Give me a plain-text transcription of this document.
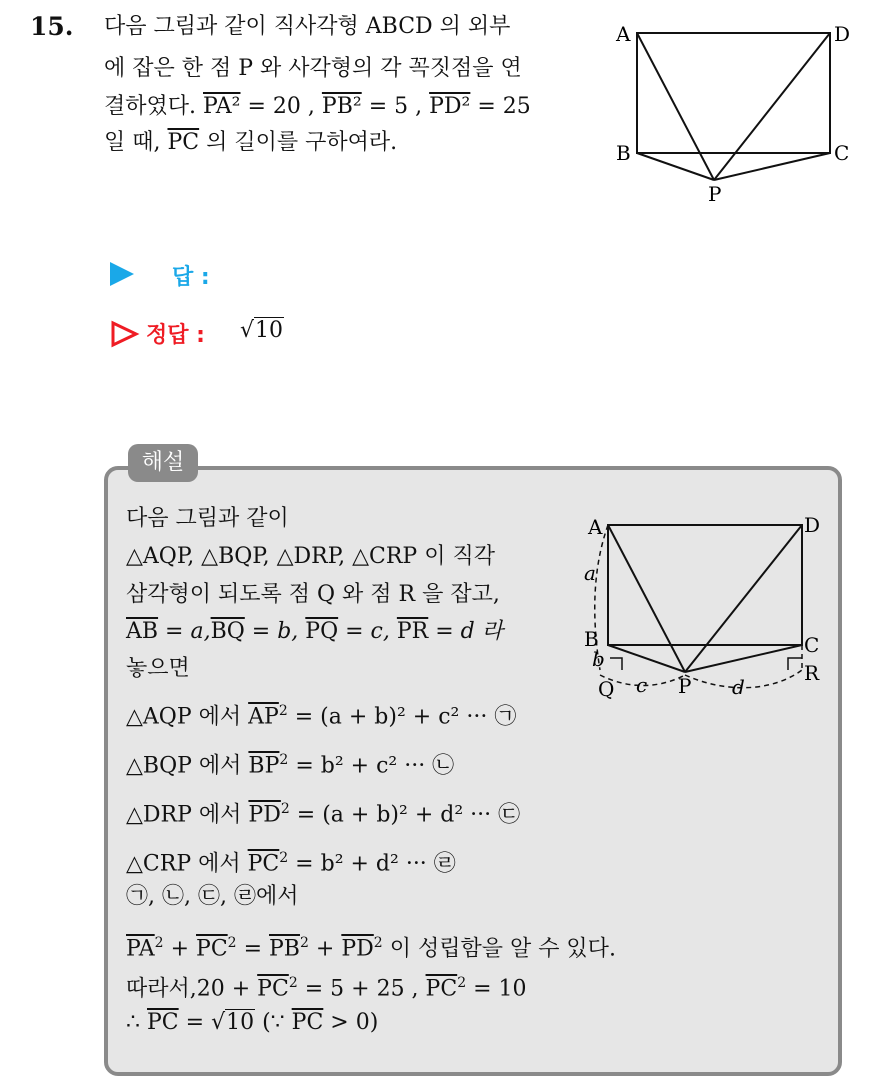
15. 다음 그림과 같이 직사각형 ABCD 의 외부
에 잡은 한 점 P 와 사각형의 각 꼭짓점을 연
결하였다. PA² = 20 , PB² = 5 , PD² = 25
일 때, $\overline{PC}$ 의 길이를 구하여라.
A	D
B	C
P
답 :
정답 : √10
해설
다음 그림과 같이
△AQP, △BQP, △DRP, △CRP 이 직각
삼각형이 되도록 점 Q 와 점 R 을 잡고,
$\overline{AB} = a,\overline{BQ} = b$, $\overline{PQ} = c$, $\overline{PR} = d$ 라
놓으면
△AQP 에서 $\overline{AP}^2 = (a + b)^2 + c^2$ ··· ㉠
△BQP 에서 $\overline{BP}^2 = b^2 + c^2$ ··· ㉡
△DRP 에서 $\overline{PD}^2 = (a + b)^2 + d^2$ ··· ㉢
△CRP 에서 $\overline{PC}^2 = b^2 + d^2$ ··· ㉣
㉠, ㉡, ㉢, ㉣에서
$\overline{PA}^2 + \overline{PC}^2 = \overline{PB}^2 + \overline{PD}^2$ 이 성립함을 알 수 있다.
따라서$,20 + \overline{PC}^2 = 5 + 25$ , $\overline{PC}^2 = 10$
∴ $\overline{PC} = √10$ (∵ $\overline{PC} > 0$)
A	D
B	C
P
Q
R
a
b
c	d
